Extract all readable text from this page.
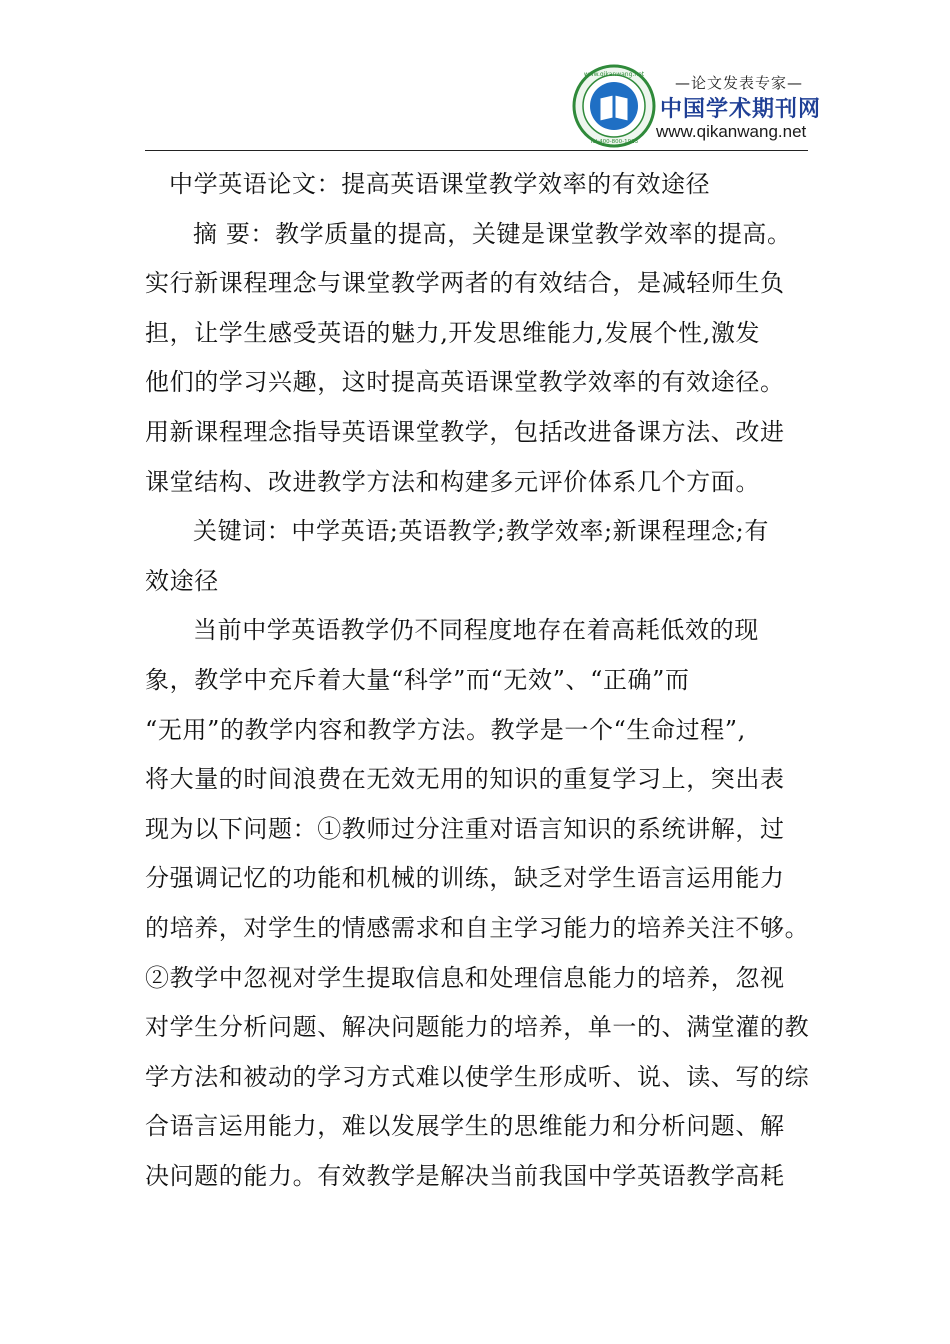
www.qikanwang.net
Tel:400-800-1923
—论文发表专家—
中国学术期刊网
www.qikanwang.net
中学英语论文：提高英语课堂教学效率的有效途径
摘 要：教学质量的提高，关键是课堂教学效率的提高。
实行新课程理念与课堂教学两者的有效结合，是减轻师生负
担，让学生感受英语的魅力,开发思维能力,发展个性,激发
他们的学习兴趣，这时提高英语课堂教学效率的有效途径。
用新课程理念指导英语课堂教学，包括改进备课方法、改进
课堂结构、改进教学方法和构建多元评价体系几个方面。
关键词：中学英语;英语教学;教学效率;新课程理念;有
效途径
当前中学英语教学仍不同程度地存在着高耗低效的现
象，教学中充斥着大量“科学”而“无效”、“正确”而
“无用”的教学内容和教学方法。教学是一个“生命过程”,
将大量的时间浪费在无效无用的知识的重复学习上，突出表
现为以下问题：①教师过分注重对语言知识的系统讲解，过
分强调记忆的功能和机械的训练，缺乏对学生语言运用能力
的培养，对学生的情感需求和自主学习能力的培养关注不够。
②教学中忽视对学生提取信息和处理信息能力的培养，忽视
对学生分析问题、解决问题能力的培养，单一的、满堂灌的教
学方法和被动的学习方式难以使学生形成听、说、读、写的综
合语言运用能力，难以发展学生的思维能力和分析问题、解
决问题的能力。有效教学是解决当前我国中学英语教学高耗
